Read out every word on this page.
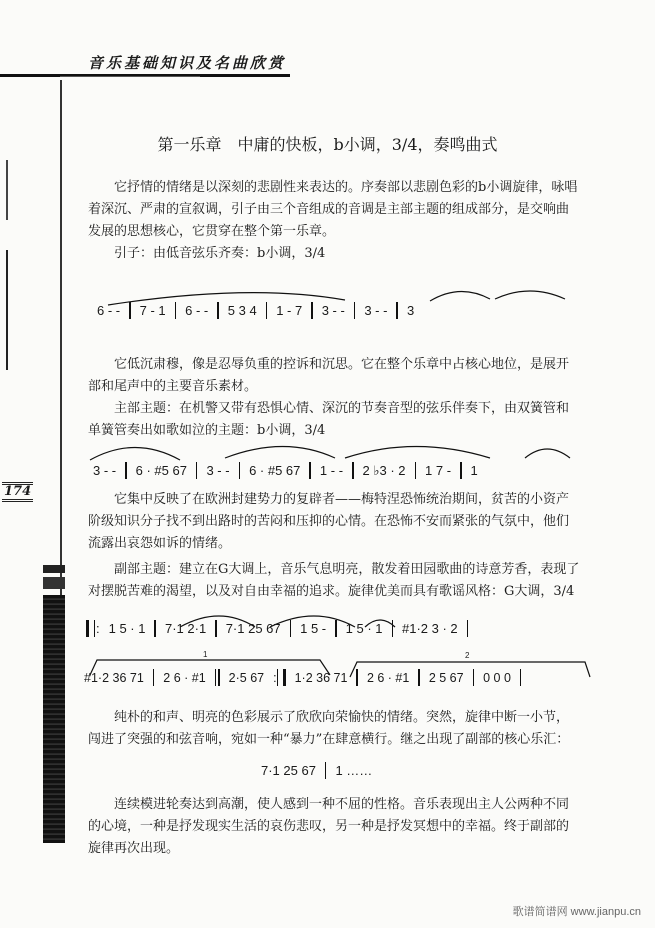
音乐基础知识及名曲欣赏
174
第一乐章　中庸的快板，b小调，3/4，奏鸣曲式
它抒情的情绪是以深刻的悲剧性来表达的。序奏部以悲剧色彩的b小调旋律，咏唱
着深沉、严肃的宣叙调，引子由三个音组成的音调是主部主题的组成部分，是交响曲
发展的思想核心，它贯穿在整个第一乐章。
引子：由低音弦乐齐奏：b小调，3/4
6 - -	7 - 1	6 - -	5 3 4	1 - 7	3 - -	3 - -	3
它低沉肃穆，像是忍辱负重的控诉和沉思。它在整个乐章中占核心地位，是展开
部和尾声中的主要音乐素材。
主部主题：在机警又带有恐惧心情、深沉的节奏音型的弦乐伴奏下，由双簧管和
单簧管奏出如歌如泣的主题：b小调，3/4
3 - -	6 · #5 67	3 - -	6 · #5 67	1 - -	2 ♭3 · 2	1 7 -	1
它集中反映了在欧洲封建势力的复辟者——梅特涅恐怖统治期间，贫苦的小资产
阶级知识分子找不到出路时的苦闷和压抑的心情。在恐怖不安而紧张的气氛中，他们
流露出哀怨如诉的情绪。
副部主题：建立在G大调上，音乐气息明亮，散发着田园歌曲的诗意芳香，表现了
对摆脱苦难的渴望，以及对自由幸福的追求。旋律优美而具有歌谣风格：G大调，3/4
1	2
: 1 5 · 1	7·1 2·1	7·1 25 67	1 5 -	1 5 · 1	#1·2 3 · 2
#1·2 36 71	2 6 · #1	2·5 67 :	1·2 36 71	2 6 · #1	2 5 67	0 0 0
纯朴的和声、明亮的色彩展示了欣欣向荣愉快的情绪。突然，旋律中断一小节，
闯进了突强的和弦音响，宛如一种“暴力”在肆意横行。继之出现了副部的核心乐汇：
7·1 25 67	1 ……
连续模进轮奏达到高潮，使人感到一种不屈的性格。音乐表现出主人公两种不同
的心境，一种是抒发现实生活的哀伤悲叹，另一种是抒发冥想中的幸福。终于副部的
旋律再次出现。
歌谱简谱网 www.jianpu.cn
